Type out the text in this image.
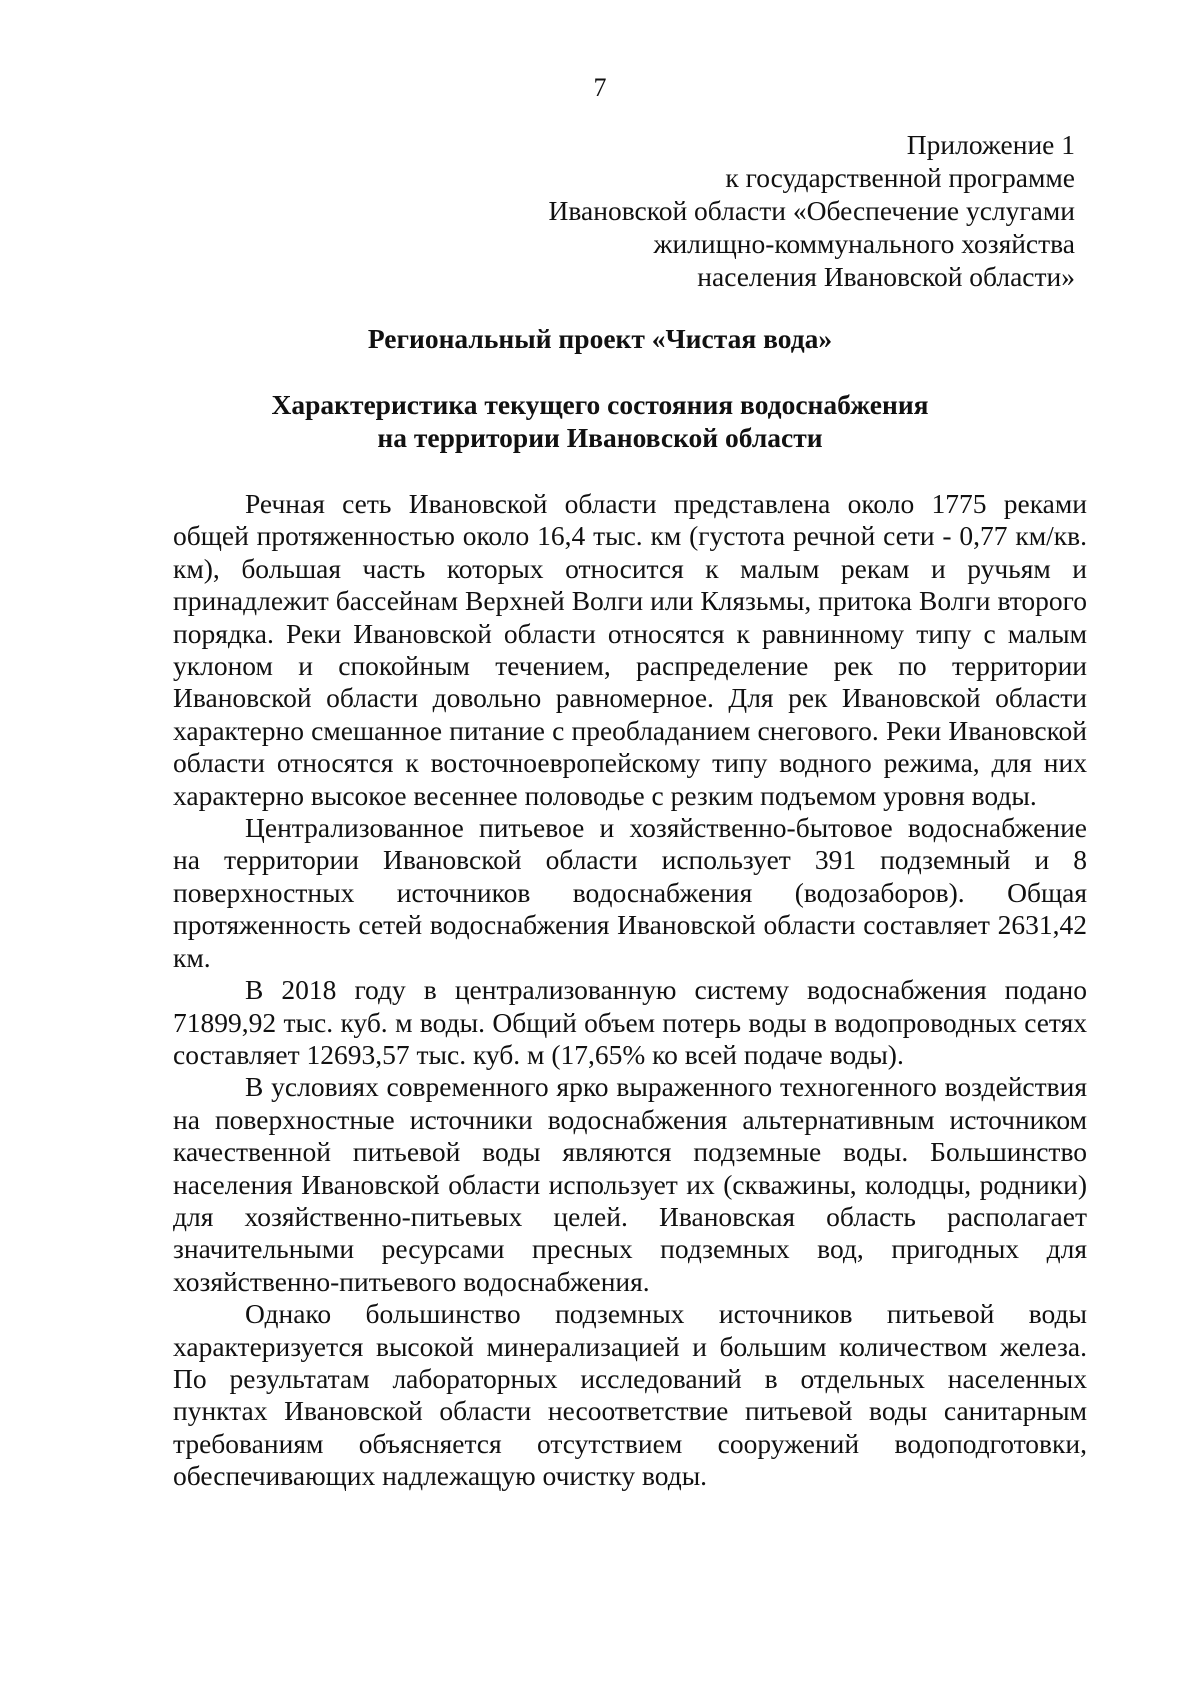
7
Приложение 1
к государственной программе
Ивановской области «Обеспечение услугами
жилищно-коммунального хозяйства
населения Ивановской области»
Региональный проект «Чистая вода»
Характеристика текущего состояния водоснабжения
на территории Ивановской области

Речная сеть Ивановской области представлена около 1775 реками общей протяженностью около 16,4 тыс. км (густота речной сети - 0,77 км/кв. км), большая часть которых относится к малым рекам и ручьям и принадлежит бассейнам Верхней Волги или Клязьмы, притока Волги второго порядка. Реки Ивановской области относятся к равнинному типу с малым уклоном и спокойным течением, распределение рек по территории Ивановской области довольно равномерное. Для рек Ивановской области характерно смешанное питание с преобладанием снегового. Реки Ивановской области относятся к восточноевропейскому типу водного режима, для них характерно высокое весеннее половодье с резким подъемом уровня воды.

Централизованное питьевое и хозяйственно-бытовое водоснабжение на территории Ивановской области использует 391 подземный и 8 поверхностных источников водоснабжения (водозаборов). Общая протяженность сетей водоснабжения Ивановской области составляет 2631,42 км.

В 2018 году в централизованную систему водоснабжения подано 71899,92 тыс. куб. м воды. Общий объем потерь воды в водопроводных сетях составляет 12693,57 тыс. куб. м (17,65% ко всей подаче воды).

В условиях современного ярко выраженного техногенного воздействия на поверхностные источники водоснабжения альтернативным источником качественной питьевой воды являются подземные воды. Большинство населения Ивановской области использует их (скважины, колодцы, родники) для хозяйственно-питьевых целей. Ивановская область располагает значительными ресурсами пресных подземных вод, пригодных для хозяйственно-питьевого водоснабжения.

Однако большинство подземных источников питьевой воды характеризуется высокой минерализацией и большим количеством железа. По результатам лабораторных исследований в отдельных населенных пунктах Ивановской области несоответствие питьевой воды санитарным требованиям объясняется отсутствием сооружений водоподготовки, обеспечивающих надлежащую очистку воды.
